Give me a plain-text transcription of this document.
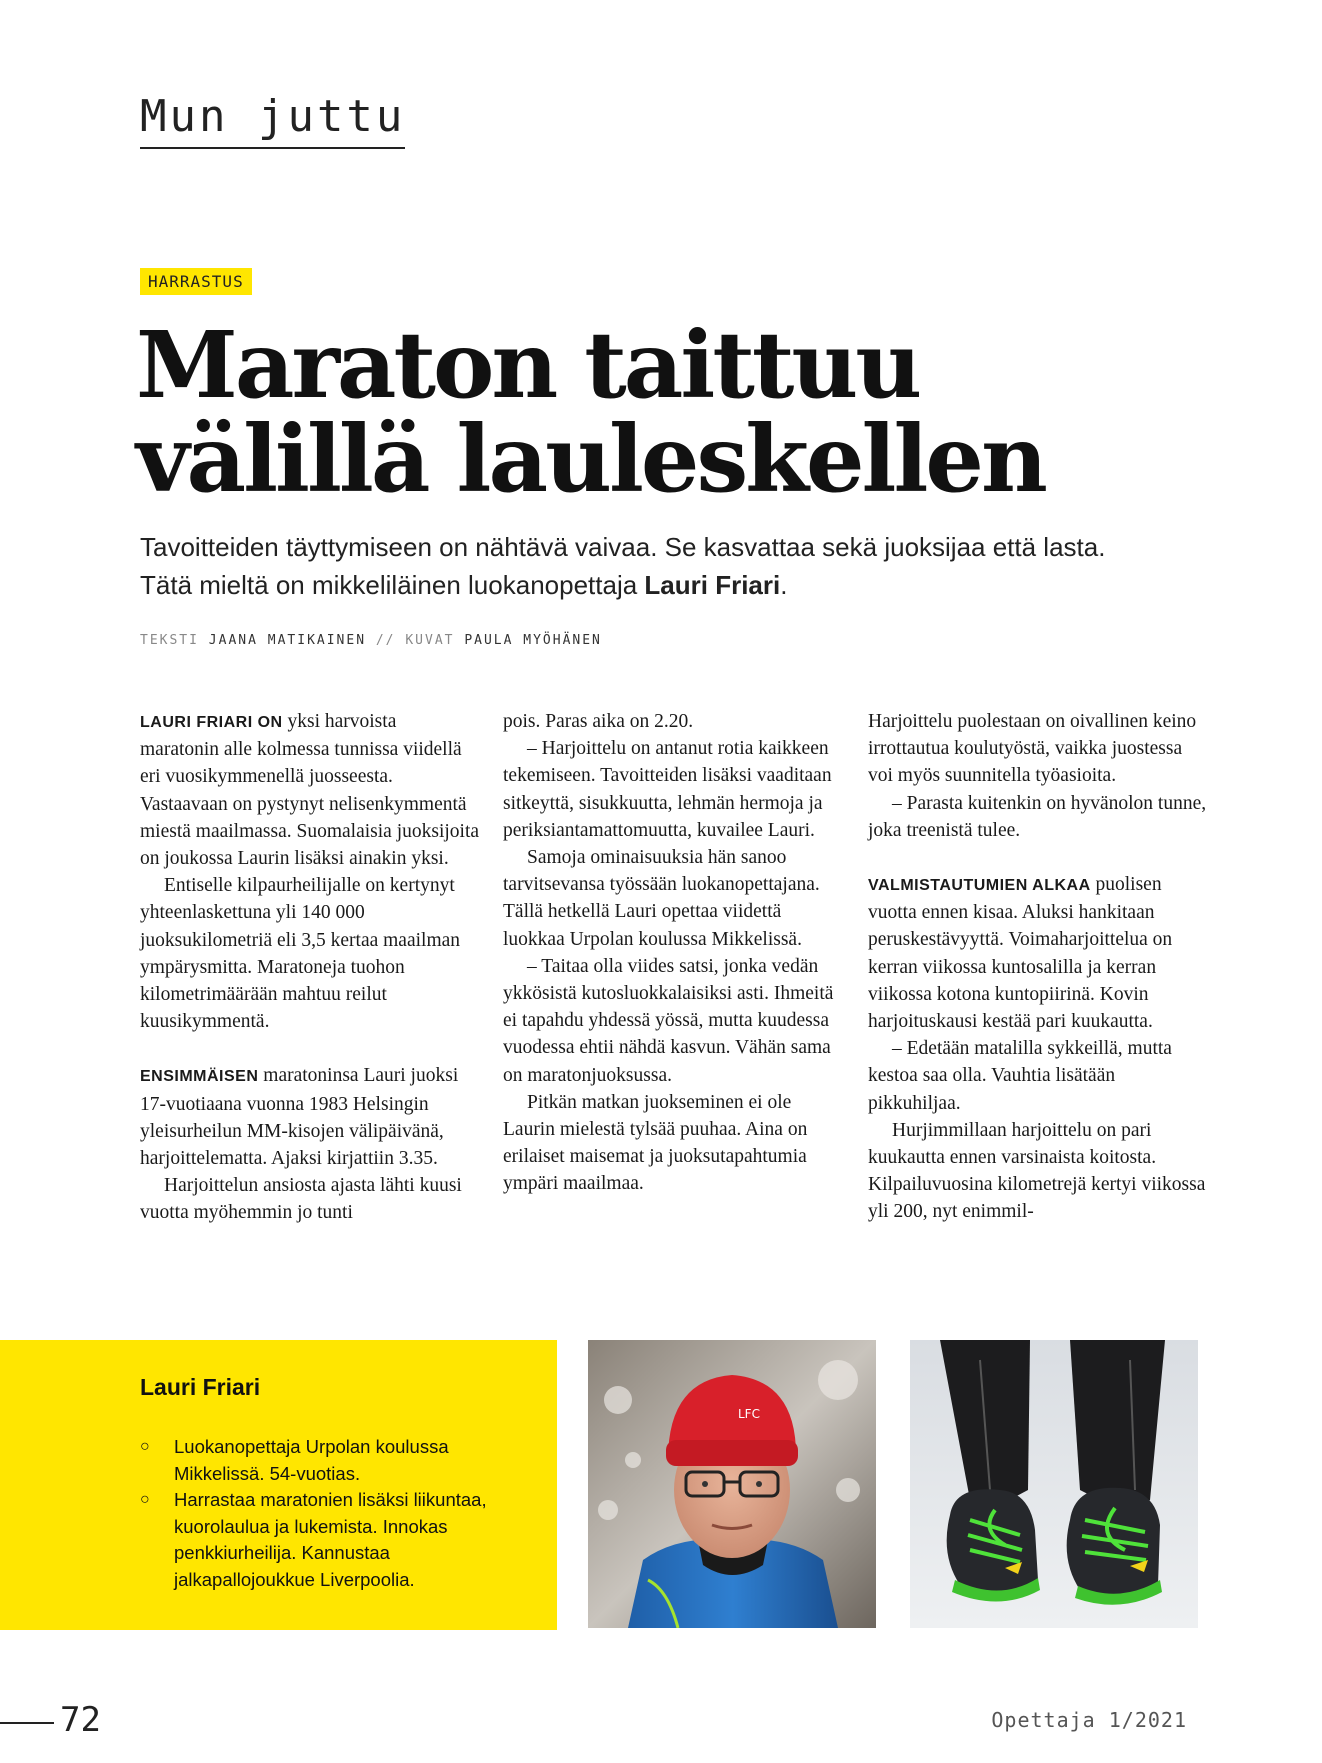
Mun juttu
HARRASTUS
Maraton taittuu
välillä lauleskellen

Tavoitteiden täyttymiseen on nähtävä vaivaa. Se kasvattaa sekä juoksijaa että lasta. Tätä mieltä on mikkeliläinen luokanopettaja Lauri Friari.

TEKSTI JAANA MATIKAINEN // KUVAT PAULA MYÖHÄNEN

LAURI FRIARI ON yksi harvoista maratonin alle kolmessa tunnissa viidellä eri vuosikymmenellä juosseesta. Vastaavaan on pystynyt nelisenkymmentä miestä maailmassa. Suomalaisia juoksijoita on joukossa Laurin lisäksi ainakin yksi.

Entiselle kilpaurheilijalle on kertynyt yhteenlaskettuna yli 140 000 juoksukilometriä eli 3,5 kertaa maailman ympärysmitta. Maratoneja tuohon kilometrimäärään mahtuu reilut kuusikymmentä.

ENSIMMÄISEN maratoninsa Lauri juoksi 17-vuotiaana vuonna 1983 Helsingin yleisurheilun MM-kisojen välipäivänä, harjoittelematta. Ajaksi kirjattiin 3.35.

Harjoittelun ansiosta ajasta lähti kuusi vuotta myöhemmin jo tunti

pois. Paras aika on 2.20.

– Harjoittelu on antanut rotia kaikkeen tekemiseen. Tavoitteiden lisäksi vaaditaan sitkeyttä, sisukkuutta, lehmän hermoja ja periksiantamattomuutta, kuvailee Lauri.

Samoja ominaisuuksia hän sanoo tarvitsevansa työssään luokanopettajana. Tällä hetkellä Lauri opettaa viidettä luokkaa Urpolan koulussa Mikkelissä.

– Taitaa olla viides satsi, jonka vedän ykkösistä kutosluokkalaisiksi asti. Ihmeitä ei tapahdu yhdessä yössä, mutta kuudessa vuodessa ehtii nähdä kasvun. Vähän sama on maratonjuoksussa.

Pitkän matkan juokseminen ei ole Laurin mielestä tylsää puuhaa. Aina on erilaiset maisemat ja juoksutapahtumia ympäri maailmaa.

Harjoittelu puolestaan on oivallinen keino irrottautua koulutyöstä, vaikka juostessa voi myös suunnitella työasioita.

– Parasta kuitenkin on hyvänolon tunne, joka treenistä tulee.

VALMISTAUTUMIEN ALKAA puolisen vuotta ennen kisaa. Aluksi hankitaan peruskestävyyttä. Voimaharjoittelua on kerran viikossa kuntosalilla ja kerran viikossa kotona kuntopiirinä. Kovin harjoituskausi kestää pari kuukautta.

– Edetään matalilla sykkeillä, mutta kestoa saa olla. Vauhtia lisätään pikkuhiljaa.

Hurjimmillaan harjoittelu on pari kuukautta ennen varsinaista koitosta. Kilpailuvuosina kilometrejä kertyi viikossa yli 200, nyt enimmil-

Lauri Friari
○ Luokanopettaja Urpolan koulussa Mikkelissä. 54-vuotias.
○ Harrastaa maratonien lisäksi liikuntaa, kuorolaulua ja lukemista. Innokas penkkiurheilija. Kannustaa jalkapallojoukkue Liverpoolia.
LFC
72	Opettaja 1/2021
